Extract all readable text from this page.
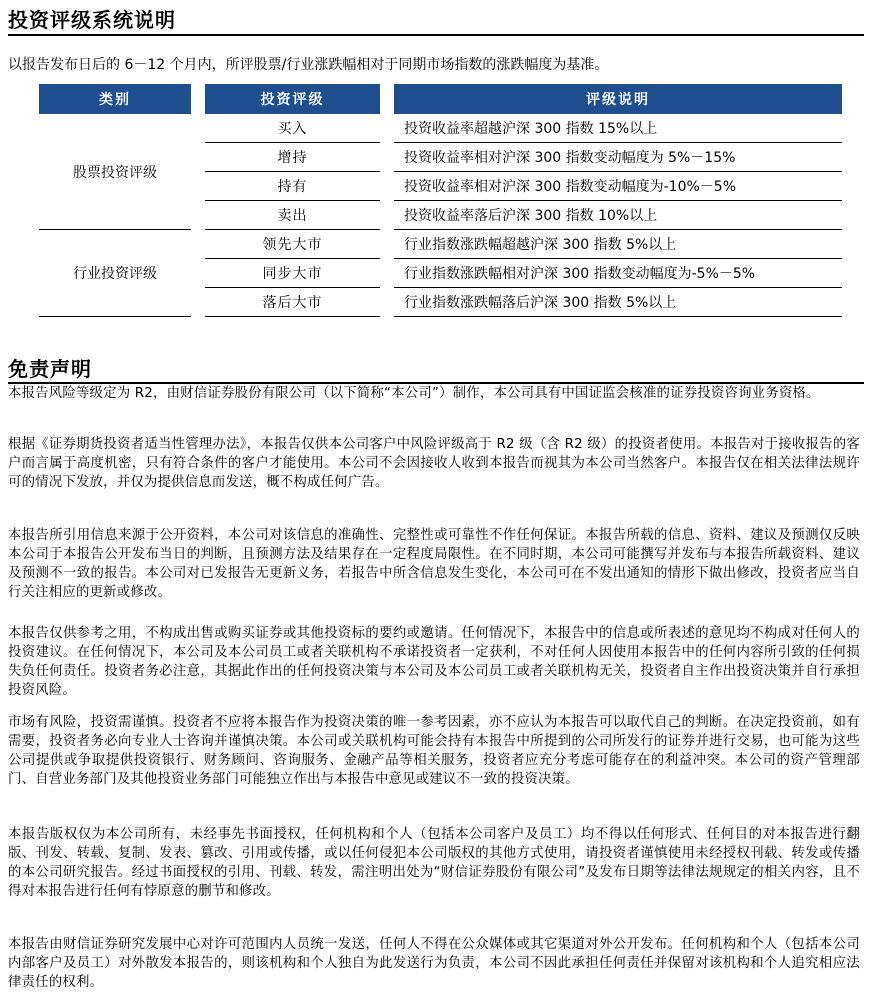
投资评级系统说明
以报告发布日后的 6－12 个月内，所评股票/行业涨跌幅相对于同期市场指数的涨跌幅度为基准。
类别		投资评级		评级说明
股票投资评级		买入		投资收益率超越沪深 300 指数 15%以上
		增持		投资收益率相对沪深 300 指数变动幅度为 5%－15%
		持有		投资收益率相对沪深 300 指数变动幅度为-10%－5%
		卖出		投资收益率落后沪深 300 指数 10%以上
行业投资评级		领先大市		行业指数涨跌幅超越沪深 300 指数 5%以上
		同步大市		行业指数涨跌幅相对沪深 300 指数变动幅度为-5%－5%
		落后大市		行业指数涨跌幅落后沪深 300 指数 5%以上
免责声明

本报告风险等级定为 R2，由财信证券股份有限公司（以下简称“本公司”）制作，本公司具有中国证监会核准的证券投资咨询业务资格。

根据《证券期货投资者适当性管理办法》，本报告仅供本公司客户中风险评级高于 R2 级（含 R2 级）的投资者使用。本报告对于接收报告的客户而言属于高度机密，只有符合条件的客户才能使用。本公司不会因接收人收到本报告而视其为本公司当然客户。本报告仅在相关法律法规许可的情况下发放，并仅为提供信息而发送，概不构成任何广告。

本报告所引用信息来源于公开资料，本公司对该信息的准确性、完整性或可靠性不作任何保证。本报告所载的信息、资料、建议及预测仅反映本公司于本报告公开发布当日的判断，且预测方法及结果存在一定程度局限性。在不同时期，本公司可能撰写并发布与本报告所载资料、建议及预测不一致的报告。本公司对已发报告无更新义务，若报告中所含信息发生变化，本公司可在不发出通知的情形下做出修改，投资者应当自行关注相应的更新或修改。

本报告仅供参考之用，不构成出售或购买证券或其他投资标的要约或邀请。任何情况下，本报告中的信息或所表述的意见均不构成对任何人的投资建议。在任何情况下，本公司及本公司员工或者关联机构不承诺投资者一定获利，不对任何人因使用本报告中的任何内容所引致的任何损失负任何责任。投资者务必注意，其据此作出的任何投资决策与本公司及本公司员工或者关联机构无关，投资者自主作出投资决策并自行承担投资风险。

市场有风险，投资需谨慎。投资者不应将本报告作为投资决策的唯一参考因素，亦不应认为本报告可以取代自己的判断。在决定投资前，如有需要，投资者务必向专业人士咨询并谨慎决策。本公司或关联机构可能会持有本报告中所提到的公司所发行的证券并进行交易，也可能为这些公司提供或争取提供投资银行、财务顾问、咨询服务、金融产品等相关服务，投资者应充分考虑可能存在的利益冲突。本公司的资产管理部门、自营业务部门及其他投资业务部门可能独立作出与本报告中意见或建议不一致的投资决策。

本报告版权仅为本公司所有，未经事先书面授权，任何机构和个人（包括本公司客户及员工）均不得以任何形式、任何目的对本报告进行翻版、刊发、转载、复制、发表、篡改、引用或传播，或以任何侵犯本公司版权的其他方式使用，请投资者谨慎使用未经授权刊载、转发或传播的本公司研究报告。经过书面授权的引用、刊载、转发，需注明出处为“财信证券股份有限公司”及发布日期等法律法规规定的相关内容，且不得对本报告进行任何有悖原意的删节和修改。

本报告由财信证券研究发展中心对许可范围内人员统一发送，任何人不得在公众媒体或其它渠道对外公开发布。任何机构和个人（包括本公司内部客户及员工）对外散发本报告的，则该机构和个人独自为此发送行为负责，本公司不因此承担任何责任并保留对该机构和个人追究相应法律责任的权利。
